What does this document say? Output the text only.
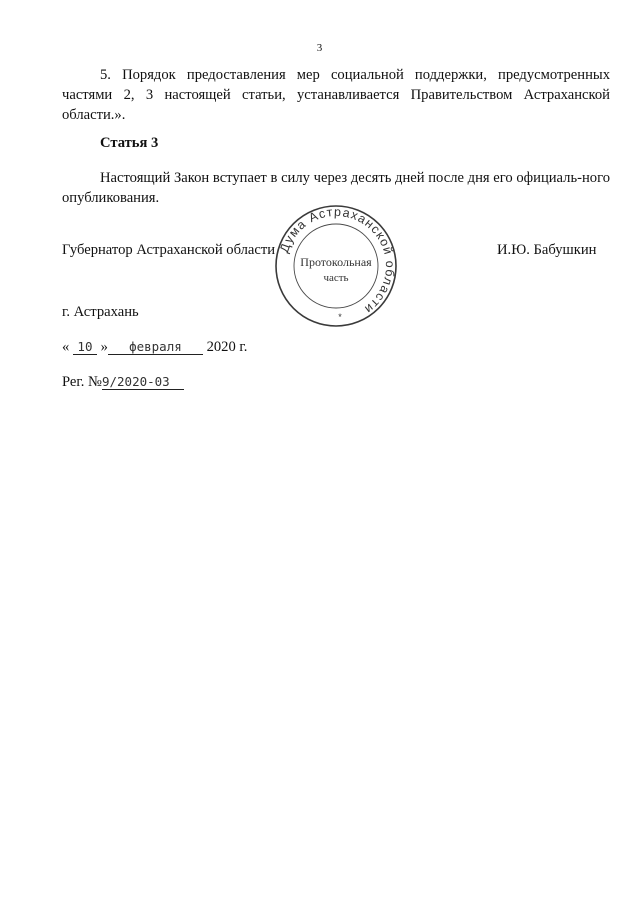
3
5. Порядок предоставления мер социальной поддержки, предусмотренных частями 2, 3 настоящей статьи, устанавливается Правительством Астраханской области.».
Статья 3
Настоящий Закон вступает в силу через десять дней после дня его официаль-ного опубликования.
Губернатор Астраханской области	И.Ю. Бабушкин
Дума Астраханской области
Протокольная
часть
*
г. Астрахань
« 10 » февраля 2020 г.
Рег. №9/2020-03
